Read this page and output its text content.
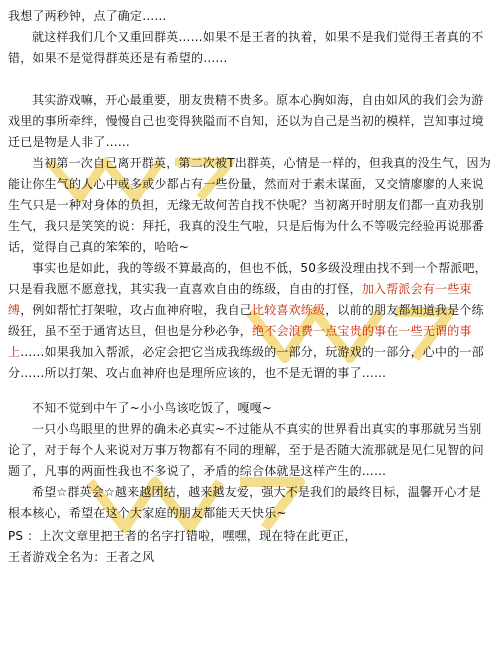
我想了两秒钟，点了确定……

就这样我们几个又重回群英……如果不是王者的执着，如果不是我们觉得王者真的不错，如果不是觉得群英还是有希望的……

其实游戏嘛，开心最重要，朋友贵精不贵多。原本心胸如海，自由如风的我们会为游戏里的事所牵绊，慢慢自己也变得狭隘而不自知，还以为自己是当初的模样，岂知事过境迁已是物是人非了……

当初第一次自己离开群英，第二次被T出群英，心情是一样的，但我真的没生气，因为能让你生气的人心中或多或少都占有一些份量，然而对于素未谋面，又交情廖廖的人来说生气只是一种对身体的负担，无缘无故何苦自找不快呢？当初离开时朋友们都一直劝我别生气，我只是笑笑的说：拜托，我真的没生气啦，只是后悔为什么不等吸完经验再说那番话，觉得自己真的笨笨的，哈哈~

事实也是如此，我的等级不算最高的，但也不低，50多级没理由找不到一个帮派吧，只是看我愿不愿意找，其实我一直喜欢自由的练级，自由的打怪，加入帮派会有一些束缚，例如帮忙打架啦，攻占血神府啦，我自己比较喜欢练级，以前的朋友都知道我是个练级狂，虽不至于通宵达旦，但也是分秒必争，绝不会浪费一点宝贵的事在一些无谓的事上……如果我加入帮派，必定会把它当成我练级的一部分，玩游戏的一部分，心中的一部分……所以打架、攻占血神府也是理所应该的，也不是无谓的事了……

不知不觉到中午了~小小鸟该吃饭了，嘎嘎~

一只小鸟眼里的世界的确未必真实~不过能从不真实的世界看出真实的事那就另当别论了，对于每个人来说对万事万物都有不同的理解，至于是否随大流那就是见仁见智的问题了，凡事的两面性我也不多说了，矛盾的综合体就是这样产生的……

希望☆群英会☆越来越团结，越来越友爱，强大不是我们的最终目标，温馨开心才是根本核心，希望在这个大家庭的朋友都能天天快乐~

PS ：上次文章里把王者的名字打错啦，嘿嘿，现在特在此更正，

王者游戏全名为：王者之风
